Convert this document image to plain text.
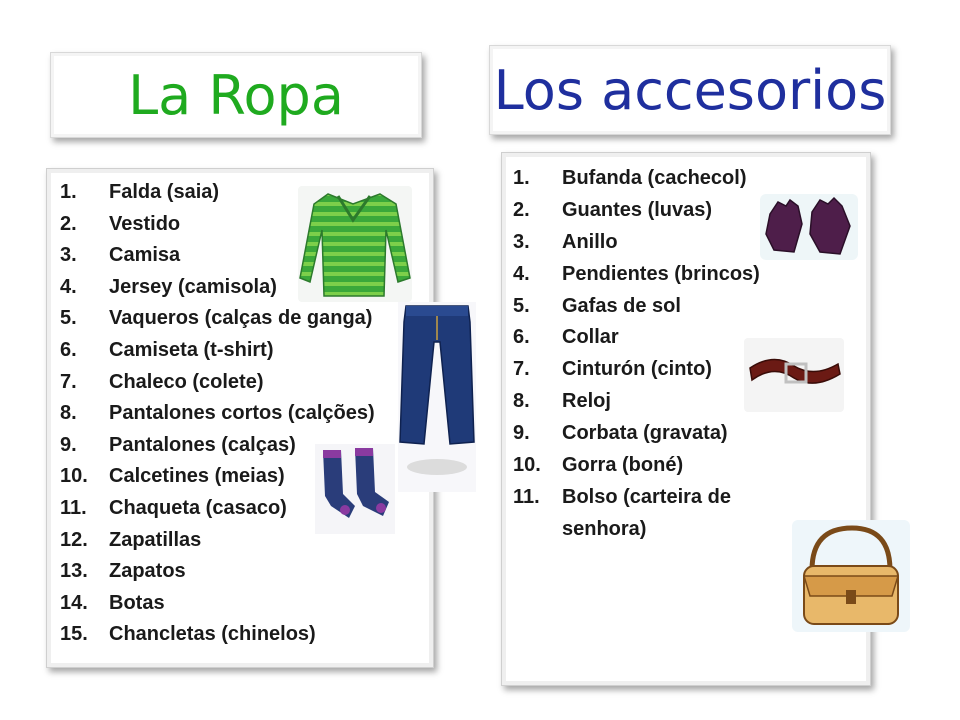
La Ropa	Los accesorios
1. Falda (saia)
2. Vestido
3. Camisa
4. Jersey (camisola)
5. Vaqueros (calças de ganga)
6. Camiseta (t-shirt)
7. Chaleco (colete)
8. Pantalones cortos (calções)
9. Pantalones (calças)
10. Calcetines (meias)
11. Chaqueta (casaco)
12. Zapatillas
13. Zapatos
14. Botas
15. Chancletas (chinelos)
1. Bufanda (cachecol)
2. Guantes (luvas)
3. Anillo
4. Pendientes (brincos)
5. Gafas de sol
6. Collar
7. Cinturón (cinto)
8. Reloj
9. Corbata (gravata)
10. Gorra (boné)
11. Bolso (carteira de
senhora)
